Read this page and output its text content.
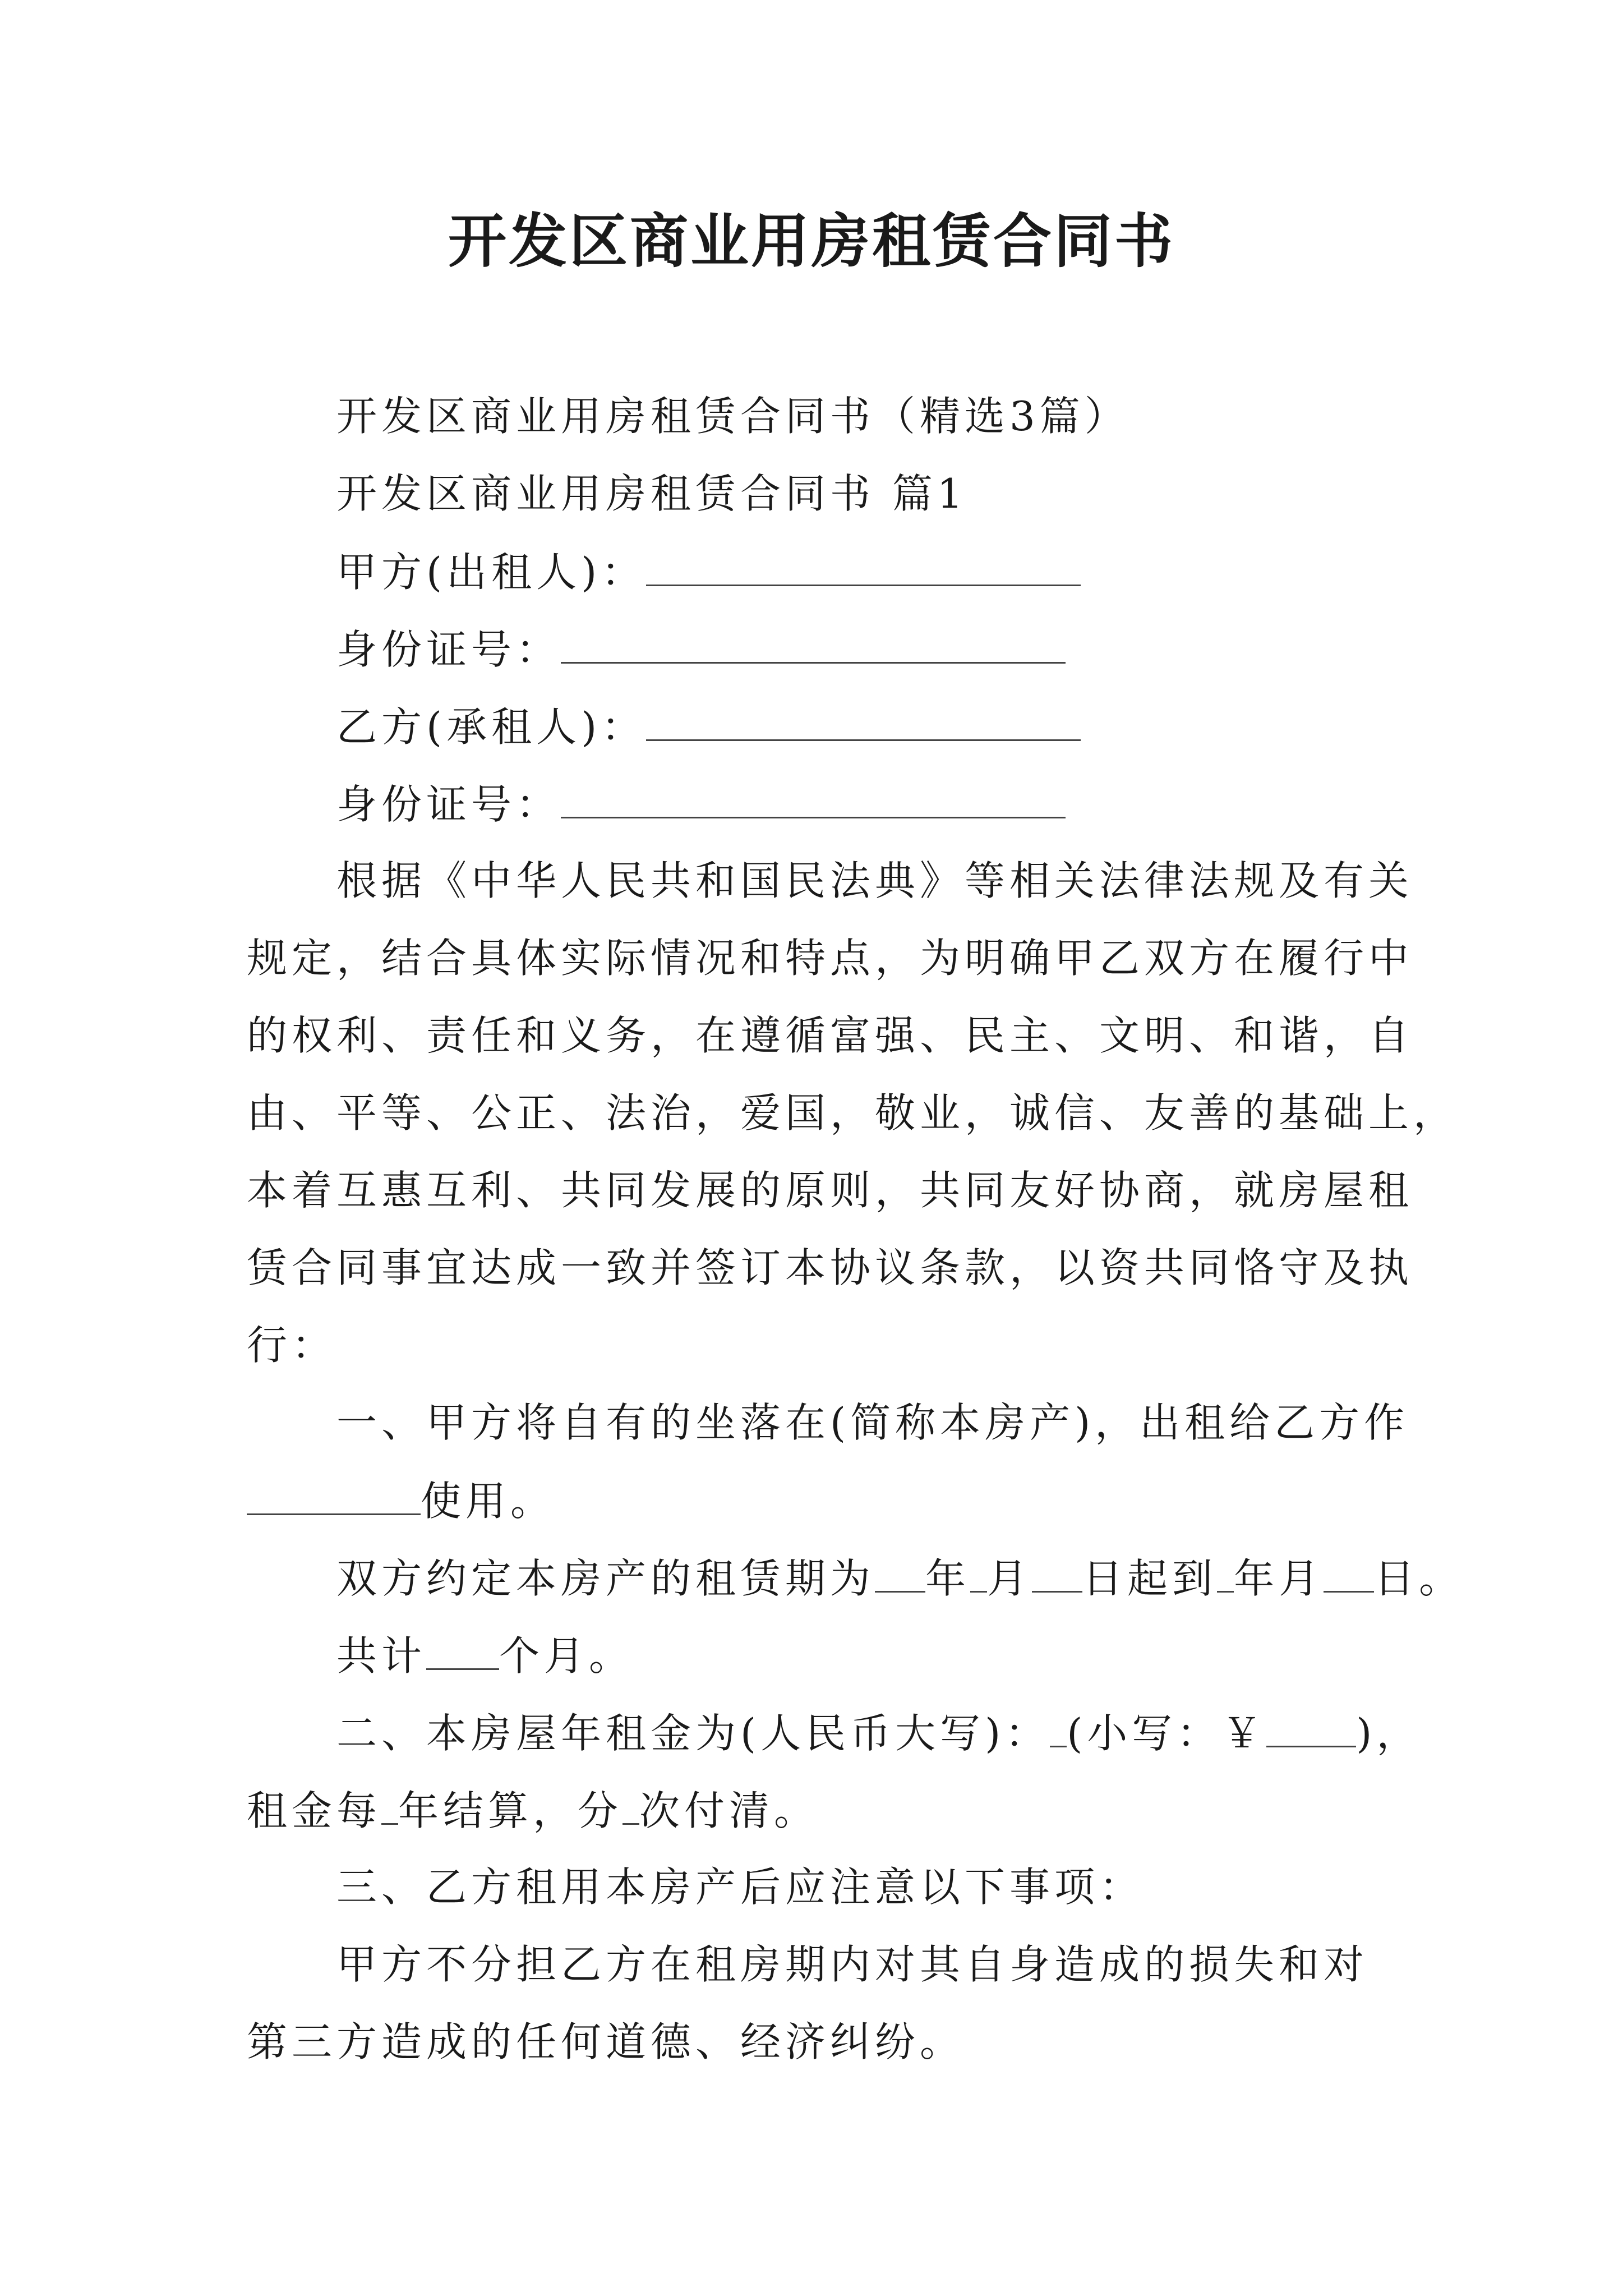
开发区商业用房租赁合同书
开发区商业用房租赁合同书（精选3篇）
开发区商业用房租赁合同书 篇1
甲方(出租人)：
身份证号：
乙方(承租人)：
身份证号：
根据《中华人民共和国民法典》等相关法律法规及有关
规定，结合具体实际情况和特点，为明确甲乙双方在履行中
的权利、责任和义务，在遵循富强、民主、文明、和谐，自
由、平等、公正、法治，爱国，敬业，诚信、友善的基础上，
本着互惠互利、共同发展的原则，共同友好协商，就房屋租
赁合同事宜达成一致并签订本协议条款，以资共同恪守及执
行：
一、甲方将自有的坐落在(简称本房产)，出租给乙方作
使用。
双方约定本房产的租赁期为 年 月 日起到 年月 日。
共计 个月。
二、本房屋年租金为(人民币大写)： (小写：￥ )，
租金每 年结算，分 次付清。
三、乙方租用本房产后应注意以下事项：
甲方不分担乙方在租房期内对其自身造成的损失和对
第三方造成的任何道德、经济纠纷。
